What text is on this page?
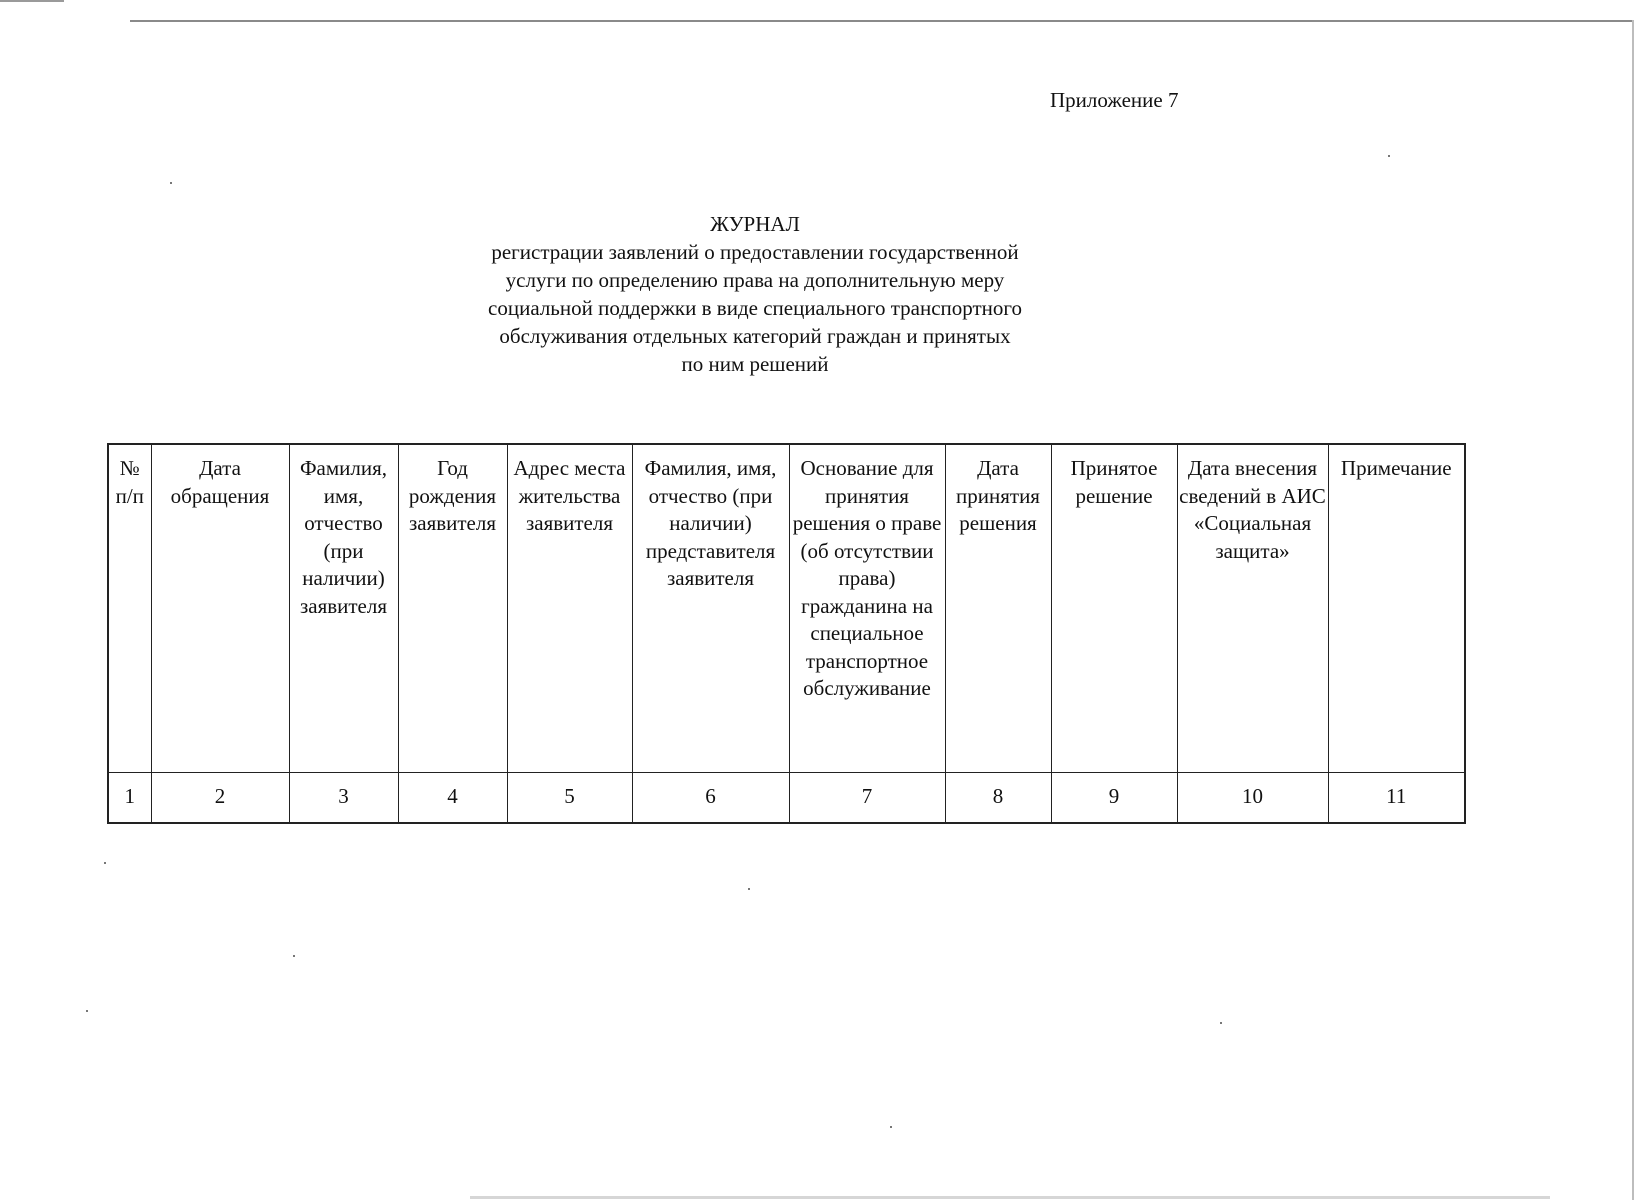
Приложение 7
ЖУРНАЛ
регистрации заявлений о предоставлении государственной
услуги по определению права на дополнительную меру
социальной поддержки в виде специального транспортного
обслуживания отдельных категорий граждан и принятых
по ним решений
№ п/п	Дата обращения	Фамилия, имя, отчество (при наличии) заявителя	Год рождения заявителя	Адрес места жительства заявителя	Фамилия, имя, отчество (при наличии) представителя заявителя	Основание для принятия решения о праве (об отсутствии права) гражданина на специальное транспортное обслуживание	Дата принятия решения	Принятое решение	Дата внесения сведений в АИС «Социальная защита»	Примечание
1	2	3	4	5	6	7	8	9	10	11
